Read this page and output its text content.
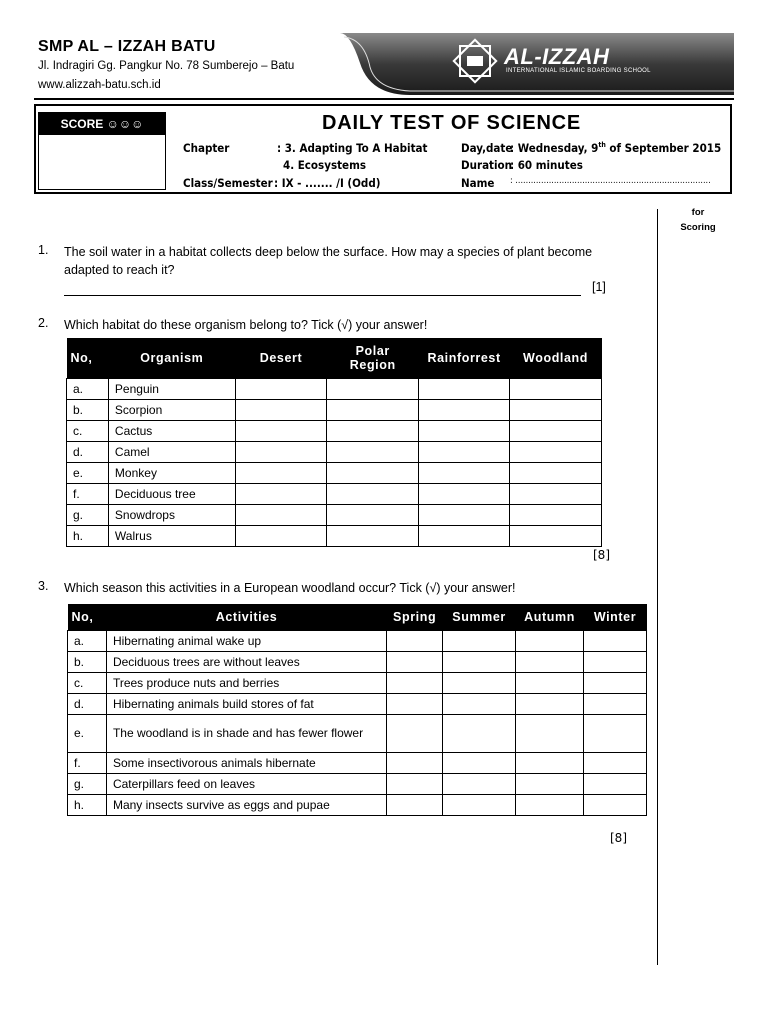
SMP AL – IZZAH BATU
Jl. Indragiri Gg. Pangkur No. 78 Sumberejo – Batu
www.alizzah-batu.sch.id
AL-IZZAH
INTERNATIONAL ISLAMIC BOARDING SCHOOL
SCORE ☺☺☺	DAILY TEST OF SCIENCE
Chapter	: 3. Adapting To A Habitat
4. Ecosystems
Class/Semester : IX - ....... /I (Odd)
Day,date
: Wednesday, 9th of September 2015
Duration
: 60 minutes
Name : ............................................................................
for Scoring
1. The soil water in a habitat collects deep below the surface. How may a species of plant become
adapted to reach it?
[1]
2. Which habitat do these organism belong to? Tick (√) your answer!
No,	Organism	Desert	Polar Region	Rainforrest	Woodland
a.	Penguin				
b.	Scorpion				
c.	Cactus				
d.	Camel				
e.	Monkey				
f.	Deciduous tree				
g.	Snowdrops				
h.	Walrus				
[8]
3. Which season this activities in a European woodland occur? Tick (√) your answer!
No,	Activities	Spring	Summer	Autumn	Winter
a.	Hibernating animal wake up				
b.	Deciduous trees are without leaves				
c.	Trees produce nuts and berries				
d.	Hibernating animals build stores of fat				
e.	The woodland is in shade and has fewer flower				
f.	Some insectivorous animals hibernate				
g.	Caterpillars feed on leaves				
h.	Many insects survive as eggs and pupae				
[8]
